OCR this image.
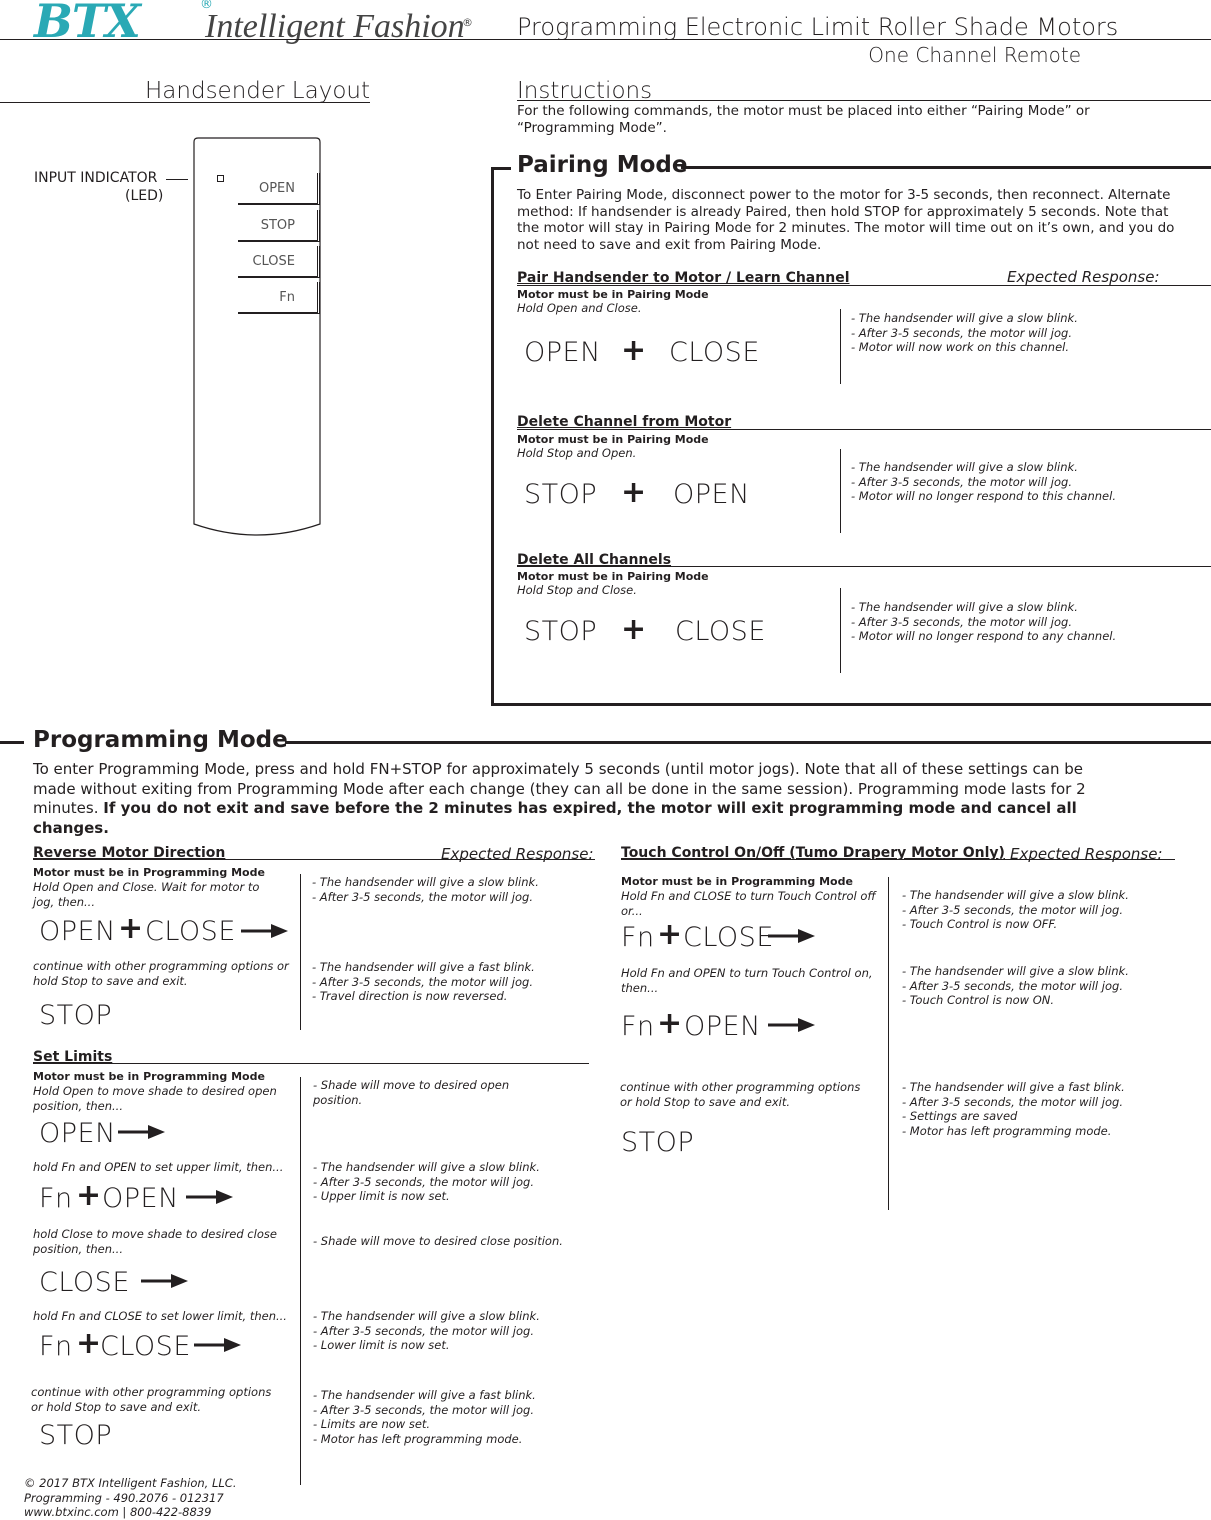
BTX	®
Intelligent Fashion
® Programming Electronic Limit Roller Shade Motors
One Channel Remote
Handsender Layout
INPUT INDICATOR
(LED)	OPEN
STOP
CLOSE
Fn
Instructions
For the following commands, the motor must be placed into either “Pairing Mode” or “Programming Mode”.
Pairing Mode
To Enter Pairing Mode, disconnect power to the motor for 3-5 seconds, then reconnect. Alternate method: If handsender is already Paired, then hold STOP for approximately 5 seconds. Note that the motor will stay in Pairing Mode for 2 minutes. The motor will time out on it’s own, and you do not need to save and exit from Pairing Mode.
Pair Handsender to Motor / Learn Channel	Expected Response:
Motor must be in Pairing Mode
Hold Open and Close.
OPEN + CLOSE
- The handsender will give a slow blink.
- After 3-5 seconds, the motor will jog.
- Motor will now work on this channel.
Delete Channel from Motor
Motor must be in Pairing Mode
Hold Stop and Open.
STOP + OPEN
- The handsender will give a slow blink.
- After 3-5 seconds, the motor will jog.
- Motor will no longer respond to this channel.
Delete All Channels
Motor must be in Pairing Mode
Hold Stop and Close.
STOP + CLOSE
- The handsender will give a slow blink.
- After 3-5 seconds, the motor will jog.
- Motor will no longer respond to any channel.
Programming Mode
To enter Programming Mode, press and hold FN+STOP for approximately 5 seconds (until motor jogs). Note that all of these settings can be made without exiting from Programming Mode after each change (they can all be done in the same session). Programming mode lasts for 2 minutes. If you do not exit and save before the 2 minutes has expired, the motor will exit programming mode and cancel all changes.
Reverse Motor Direction	Expected Response:
Motor must be in Programming Mode
Hold Open and Close. Wait for motor to jog, then...
OPEN + CLOSE
continue with other programming options or hold Stop to save and exit.
STOP
- The handsender will give a slow blink.
- After 3-5 seconds, the motor will jog.
- The handsender will give a fast blink.
- After 3-5 seconds, the motor will jog.
- Travel direction is now reversed.
Set Limits
Motor must be in Programming Mode
Hold Open to move shade to desired open position, then...
OPEN
- Shade will move to desired open
position.
hold Fn and OPEN to set upper limit, then...
Fn + OPEN
- The handsender will give a slow blink.
- After 3-5 seconds, the motor will jog.
- Upper limit is now set.
hold Close to move shade to desired close position, then...
CLOSE
- Shade will move to desired close position.
hold Fn and CLOSE to set lower limit, then...
Fn +
CLOSE
- The handsender will give a slow blink.
- After 3-5 seconds, the motor will jog.
- Lower limit is now set.
continue with other programming options or hold Stop to save and exit.
STOP
- The handsender will give a fast blink.
- After 3-5 seconds, the motor will jog.
- Limits are now set.
- Motor has left programming mode.
Touch Control On/Off (Tumo Drapery Motor Only) Expected Response:
Motor must be in Programming Mode
Hold Fn and CLOSE to turn Touch Control off or...
Fn + CLOSE
- The handsender will give a slow blink.
- After 3-5 seconds, the motor will jog.
- Touch Control is now OFF.
Hold Fn and OPEN to turn Touch Control on, then...
Fn + OPEN
- The handsender will give a slow blink.
- After 3-5 seconds, the motor will jog.
- Touch Control is now ON.
continue with other programming options or hold Stop to save and exit.
STOP
- The handsender will give a fast blink.
- After 3-5 seconds, the motor will jog.
- Settings are saved
- Motor has left programming mode.
© 2017 BTX Intelligent Fashion, LLC.
Programming - 490.2076 - 012317
www.btxinc.com | 800-422-8839
